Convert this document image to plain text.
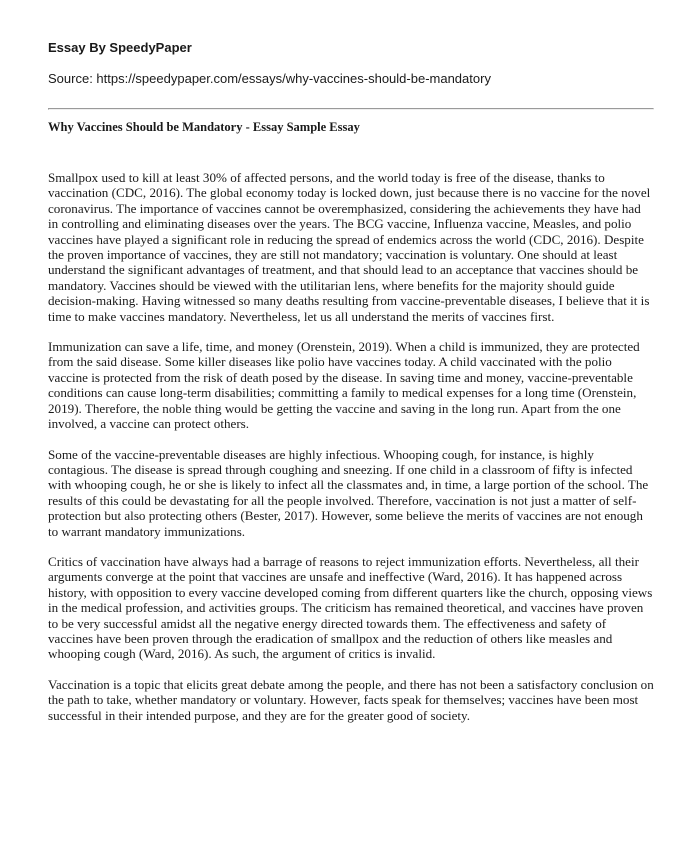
Essay By SpeedyPaper
Source: https://speedypaper.com/essays/why-vaccines-should-be-mandatory
Why Vaccines Should be Mandatory - Essay Sample Essay

Smallpox used to kill at least 30% of affected persons, and the world today is free of the disease, thanks to vaccination (CDC, 2016). The global economy today is locked down, just because there is no vaccine for the novel coronavirus. The importance of vaccines cannot be overemphasized, considering the achievements they have had in controlling and eliminating diseases over the years. The BCG vaccine, Influenza vaccine, Measles, and polio vaccines have played a significant role in reducing the spread of endemics across the world (CDC, 2016). Despite the proven importance of vaccines, they are still not mandatory; vaccination is voluntary. One should at least understand the significant advantages of treatment, and that should lead to an acceptance that vaccines should be mandatory. Vaccines should be viewed with the utilitarian lens, where benefits for the majority should guide decision-making. Having witnessed so many deaths resulting from vaccine-preventable diseases, I believe that it is time to make vaccines mandatory. Nevertheless, let us all understand the merits of vaccines first.

Immunization can save a life, time, and money (Orenstein, 2019). When a child is immunized, they are protected from the said disease. Some killer diseases like polio have vaccines today. A child vaccinated with the polio vaccine is protected from the risk of death posed by the disease. In saving time and money, vaccine-preventable conditions can cause long-term disabilities; committing a family to medical expenses for a long time (Orenstein, 2019). Therefore, the noble thing would be getting the vaccine and saving in the long run. Apart from the one involved, a vaccine can protect others.

Some of the vaccine-preventable diseases are highly infectious. Whooping cough, for instance, is highly contagious. The disease is spread through coughing and sneezing. If one child in a classroom of fifty is infected with whooping cough, he or she is likely to infect all the classmates and, in time, a large portion of the school. The results of this could be devastating for all the people involved. Therefore, vaccination is not just a matter of self-protection but also protecting others (Bester, 2017). However, some believe the merits of vaccines are not enough to warrant mandatory immunizations.

Critics of vaccination have always had a barrage of reasons to reject immunization efforts. Nevertheless, all their arguments converge at the point that vaccines are unsafe and ineffective (Ward, 2016). It has happened across history, with opposition to every vaccine developed coming from different quarters like the church, opposing views in the medical profession, and activities groups. The criticism has remained theoretical, and vaccines have proven to be very successful amidst all the negative energy directed towards them. The effectiveness and safety of vaccines have been proven through the eradication of smallpox and the reduction of others like measles and whooping cough (Ward, 2016). As such, the argument of critics is invalid.

Vaccination is a topic that elicits great debate among the people, and there has not been a satisfactory conclusion on the path to take, whether mandatory or voluntary. However, facts speak for themselves; vaccines have been most successful in their intended purpose, and they are for the greater good of society.
